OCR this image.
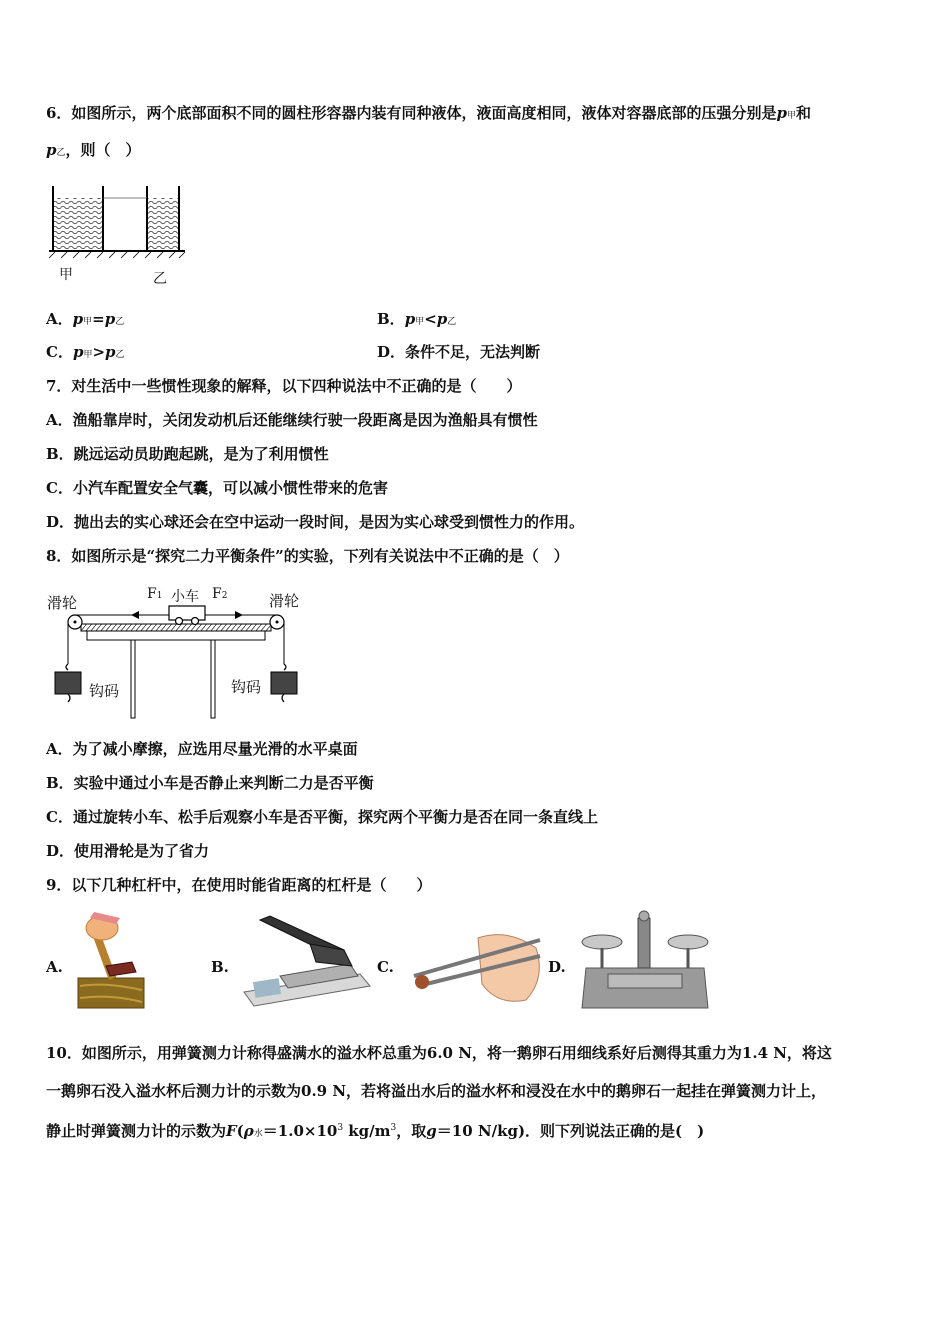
6．如图所示，两个底部面积不同的圆柱形容器内装有同种液体，液面高度相同，液体对容器底部的压强分别是p甲和
p乙，则（　）
甲	乙
A．p甲=p乙	B．p甲<p乙
C．p甲>p乙	D．条件不足，无法判断
7．对生活中一些惯性现象的解释，以下四种说法中不正确的是（　　）
A．渔船靠岸时，关闭发动机后还能继续行驶一段距离是因为渔船具有惯性
B．跳远运动员助跑起跳，是为了利用惯性
C．小汽车配置安全气囊，可以减小惯性带来的危害
D．抛出去的实心球还会在空中运动一段时间，是因为实心球受到惯性力的作用。
8．如图所示是“探究二力平衡条件”的实验，下列有关说法中不正确的是（　）
滑轮	滑轮
小车
F1	F2
钩码	钩码
A．为了减小摩擦，应选用尽量光滑的水平桌面
B．实验中通过小车是否静止来判断二力是否平衡
C．通过旋转小车、松手后观察小车是否平衡，探究两个平衡力是否在同一条直线上
D．使用滑轮是为了省力
9．以下几种杠杆中，在使用时能省距离的杠杆是（　　）
A.	B.	C.	D.
10．如图所示，用弹簧测力计称得盛满水的溢水杯总重为6.0 N，将一鹅卵石用细线系好后测得其重力为1.4 N，将这
一鹅卵石没入溢水杯后测力计的示数为0.9 N，若将溢出水后的溢水杯和浸没在水中的鹅卵石一起挂在弹簧测力计上，
静止时弹簧测力计的示数为F(ρ水$=1.0\times 10^3$ $kg/m^3$，取g＝10 N/kg)．则下列说法正确的是(　)
